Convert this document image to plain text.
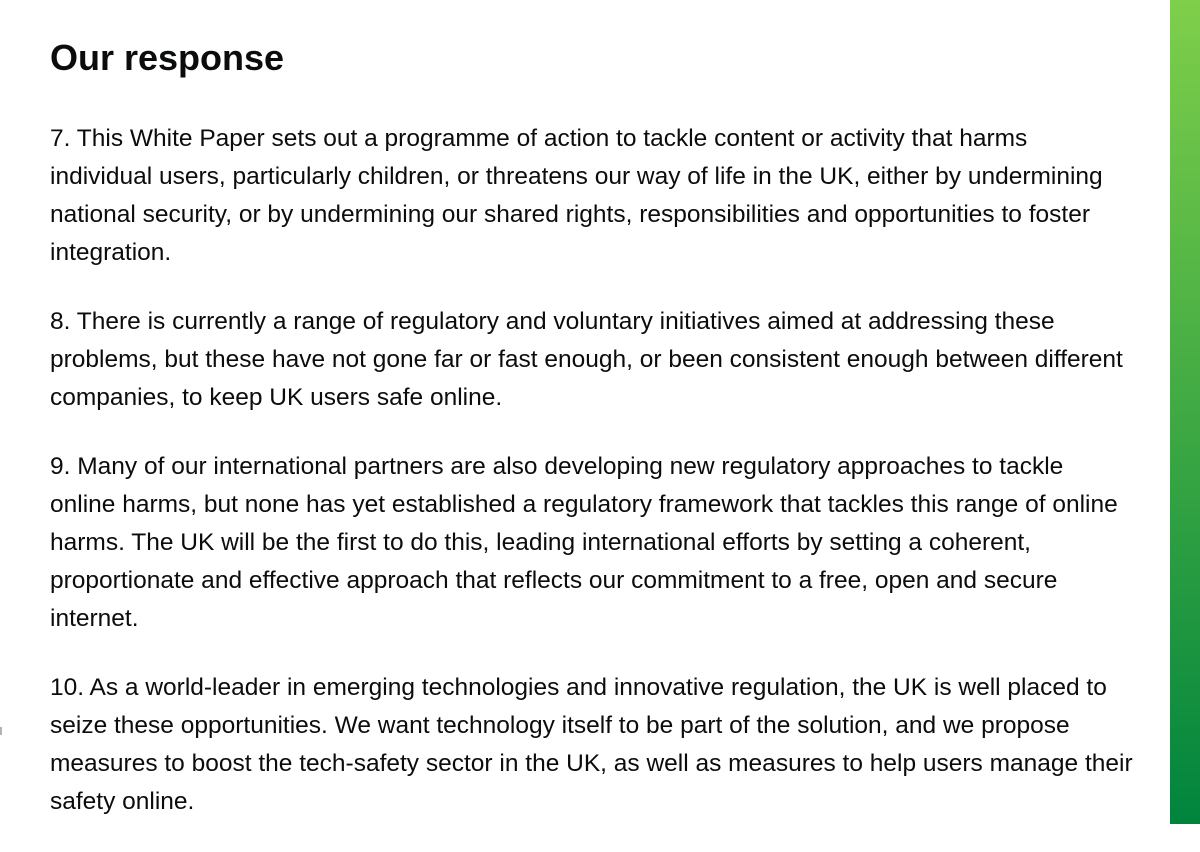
Our response

7. This White Paper sets out a programme of action to tackle content or activity that harms individual users, particularly children, or threatens our way of life in the UK, either by undermining national security, or by undermining our shared rights, responsibilities and opportunities to foster integration.

8. There is currently a range of regulatory and voluntary initiatives aimed at addressing these problems, but these have not gone far or fast enough, or been consistent enough between different companies, to keep UK users safe online.

9. Many of our international partners are also developing new regulatory approaches to tackle online harms, but none has yet established a regulatory framework that tackles this range of online harms. The UK will be the first to do this, leading international efforts by setting a coherent, proportionate and effective approach that reflects our commitment to a free, open and secure internet.

10. As a world-leader in emerging technologies and innovative regulation, the UK is well placed to seize these opportunities. We want technology itself to be part of the solution, and we propose measures to boost the tech-safety sector in the UK, as well as measures to help users manage their safety online.
